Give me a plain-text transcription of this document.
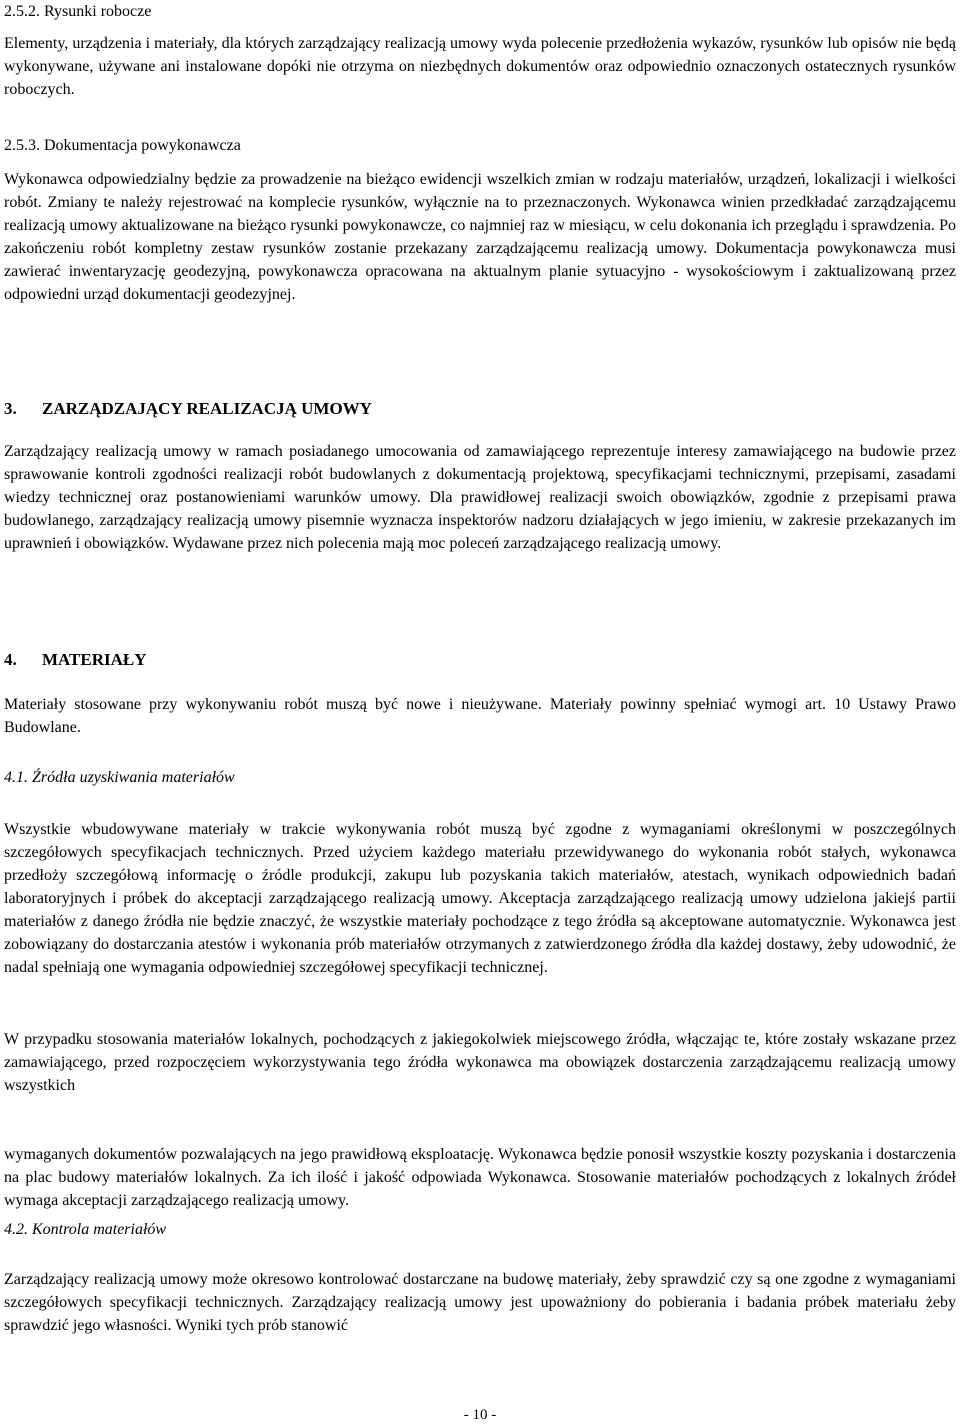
2.5.2. Rysunki robocze

Elementy, urządzenia i materiały, dla których zarządzający realizacją umowy wyda polecenie przedłożenia wykazów, rysunków lub opisów nie będą wykonywane, używane ani instalowane dopóki nie otrzyma on niezbędnych dokumentów oraz odpowiednio oznaczonych ostatecznych rysunków roboczych.

2.5.3. Dokumentacja powykonawcza

Wykonawca odpowiedzialny będzie za prowadzenie na bieżąco ewidencji wszelkich zmian w rodzaju materiałów, urządzeń, lokalizacji i wielkości robót. Zmiany te należy rejestrować na komplecie rysunków, wyłącznie na to przeznaczonych. Wykonawca winien przedkładać zarządzającemu realizacją umowy aktualizowane na bieżąco rysunki powykonawcze, co najmniej raz w miesiącu, w celu dokonania ich przeglądu i sprawdzenia. Po zakończeniu robót kompletny zestaw rysunków zostanie przekazany zarządzającemu realizacją umowy. Dokumentacja powykonawcza musi zawierać inwentaryzację geodezyjną, powykonawcza opracowana na aktualnym planie sytuacyjno - wysokościowym i zaktualizowaną przez odpowiedni urząd dokumentacji geodezyjnej.

3. ZARZĄDZAJĄCY REALIZACJĄ UMOWY

Zarządzający realizacją umowy w ramach posiadanego umocowania od zamawiającego reprezentuje interesy zamawiającego na budowie przez sprawowanie kontroli zgodności realizacji robót budowlanych z dokumentacją projektową, specyfikacjami technicznymi, przepisami, zasadami wiedzy technicznej oraz postanowieniami warunków umowy. Dla prawidłowej realizacji swoich obowiązków, zgodnie z przepisami prawa budowlanego, zarządzający realizacją umowy pisemnie wyznacza inspektorów nadzoru działających w jego imieniu, w zakresie przekazanych im uprawnień i obowiązków. Wydawane przez nich polecenia mają moc poleceń zarządzającego realizacją umowy.

4. MATERIAŁY

Materiały stosowane przy wykonywaniu robót muszą być nowe i nieużywane. Materiały powinny spełniać wymogi art. 10 Ustawy Prawo Budowlane.

4.1. Źródła uzyskiwania materiałów

Wszystkie wbudowywane materiały w trakcie wykonywania robót muszą być zgodne z wymaganiami określonymi w poszczególnych szczegółowych specyfikacjach technicznych. Przed użyciem każdego materiału przewidywanego do wykonania robót stałych, wykonawca przedłoży szczegółową informację o źródle produkcji, zakupu lub pozyskania takich materiałów, atestach, wynikach odpowiednich badań laboratoryjnych i próbek do akceptacji zarządzającego realizacją umowy. Akceptacja zarządzającego realizacją umowy udzielona jakiejś partii materiałów z danego źródła nie będzie znaczyć, że wszystkie materiały pochodzące z tego źródła są akceptowane automatycznie. Wykonawca jest zobowiązany do dostarczania atestów i wykonania prób materiałów otrzymanych z zatwierdzonego źródła dla każdej dostawy, żeby udowodnić, że nadal spełniają one wymagania odpowiedniej szczegółowej specyfikacji technicznej.

W przypadku stosowania materiałów lokalnych, pochodzących z jakiegokolwiek miejscowego źródła, włączając te, które zostały wskazane przez zamawiającego, przed rozpoczęciem wykorzystywania tego źródła wykonawca ma obowiązek dostarczenia zarządzającemu realizacją umowy wszystkich

wymaganych dokumentów pozwalających na jego prawidłową eksploatację. Wykonawca będzie ponosił wszystkie koszty pozyskania i dostarczenia na plac budowy materiałów lokalnych. Za ich ilość i jakość odpowiada Wykonawca. Stosowanie materiałów pochodzących z lokalnych źródeł wymaga akceptacji zarządzającego realizacją umowy.

4.2. Kontrola materiałów

Zarządzający realizacją umowy może okresowo kontrolować dostarczane na budowę materiały, żeby sprawdzić czy są one zgodne z wymaganiami szczegółowych specyfikacji technicznych. Zarządzający realizacją umowy jest upoważniony do pobierania i badania próbek materiału żeby sprawdzić jego własności. Wyniki tych prób stanowić

- 10 -
